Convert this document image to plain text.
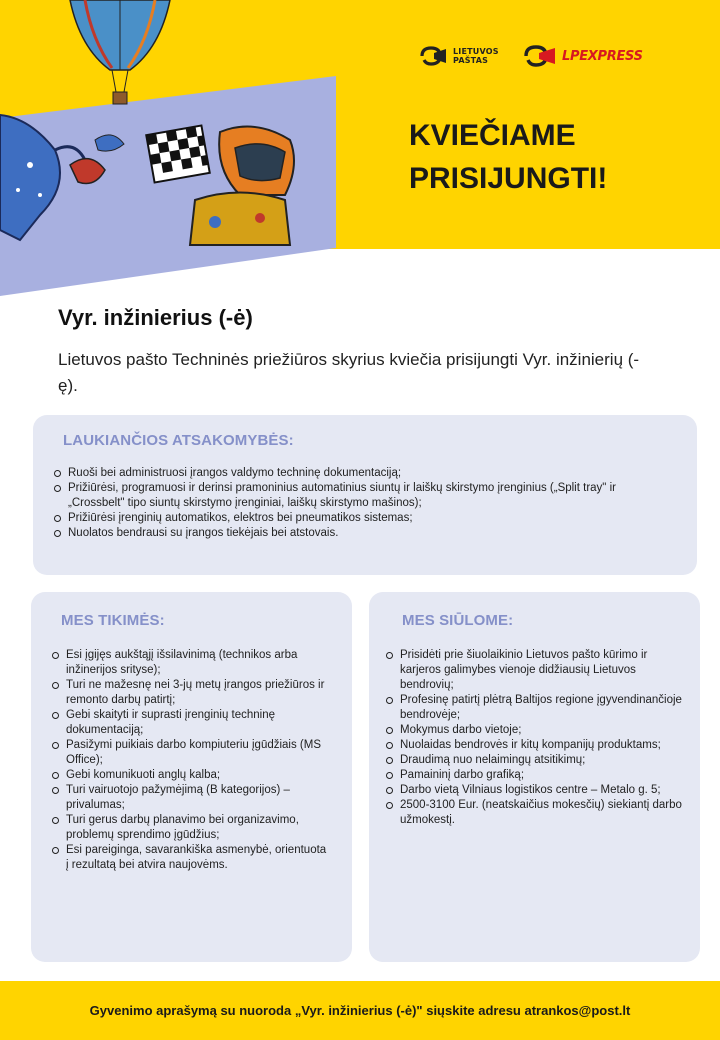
LIETUVOS PAŠTAS	LPEXPRESS
KVIEČIAME PRISIJUNGTI!
Vyr. inžinierius (-ė)

Lietuvos pašto Techninės priežiūros skyrius kviečia prisijungti Vyr. inžinierių (-ę).

LAUKIANČIOS ATSAKOMYBĖS:
Ruoši bei administruosi įrangos valdymo techninę dokumentaciją;
Prižiūrėsi, programuosi ir derinsi pramoninius automatinius siuntų ir laiškų skirstymo įrenginius („Split tray" ir „Crossbelt" tipo siuntų skirstymo įrenginiai, laiškų skirstymo mašinos);
Prižiūrėsi įrenginių automatikos, elektros bei pneumatikos sistemas;
Nuolatos bendrausi su įrangos tiekėjais bei atstovais.
MES TIKIMĖS:
Esi įgijęs aukštąjį išsilavinimą (technikos arba inžinerijos srityse);
Turi ne mažesnę nei 3-jų metų įrangos priežiūros ir remonto darbų patirtį;
Gebi skaityti ir suprasti įrenginių techninę dokumentaciją;
Pasižymi puikiais darbo kompiuteriu įgūdžiais (MS Office);
Gebi komunikuoti anglų kalba;
Turi vairuotojo pažymėjimą (B kategorijos) – privalumas;
Turi gerus darbų planavimo bei organizavimo, problemų sprendimo įgūdžius;
Esi pareiginga, savarankiška asmenybė, orientuota į rezultatą bei atvira naujovėms.
MES SIŪLOME:
Prisidėti prie šiuolaikinio Lietuvos pašto kūrimo ir karjeros galimybes vienoje didžiausių Lietuvos bendrovių;
Profesinę patirtį plėtrą Baltijos regione įgyvendinančioje bendrovėje;
Mokymus darbo vietoje;
Nuolaidas bendrovės ir kitų kompanijų produktams;
Draudimą nuo nelaimingų atsitikimų;
Pamaininį darbo grafiką;
Darbo vietą Vilniaus logistikos centre – Metalo g. 5;
2500-3100 Eur. (neatskaičius mokesčių) siekiantį darbo užmokestį.

Gyvenimo aprašymą su nuoroda „Vyr. inžinierius (-ė)" siųskite adresu atrankos@post.lt
